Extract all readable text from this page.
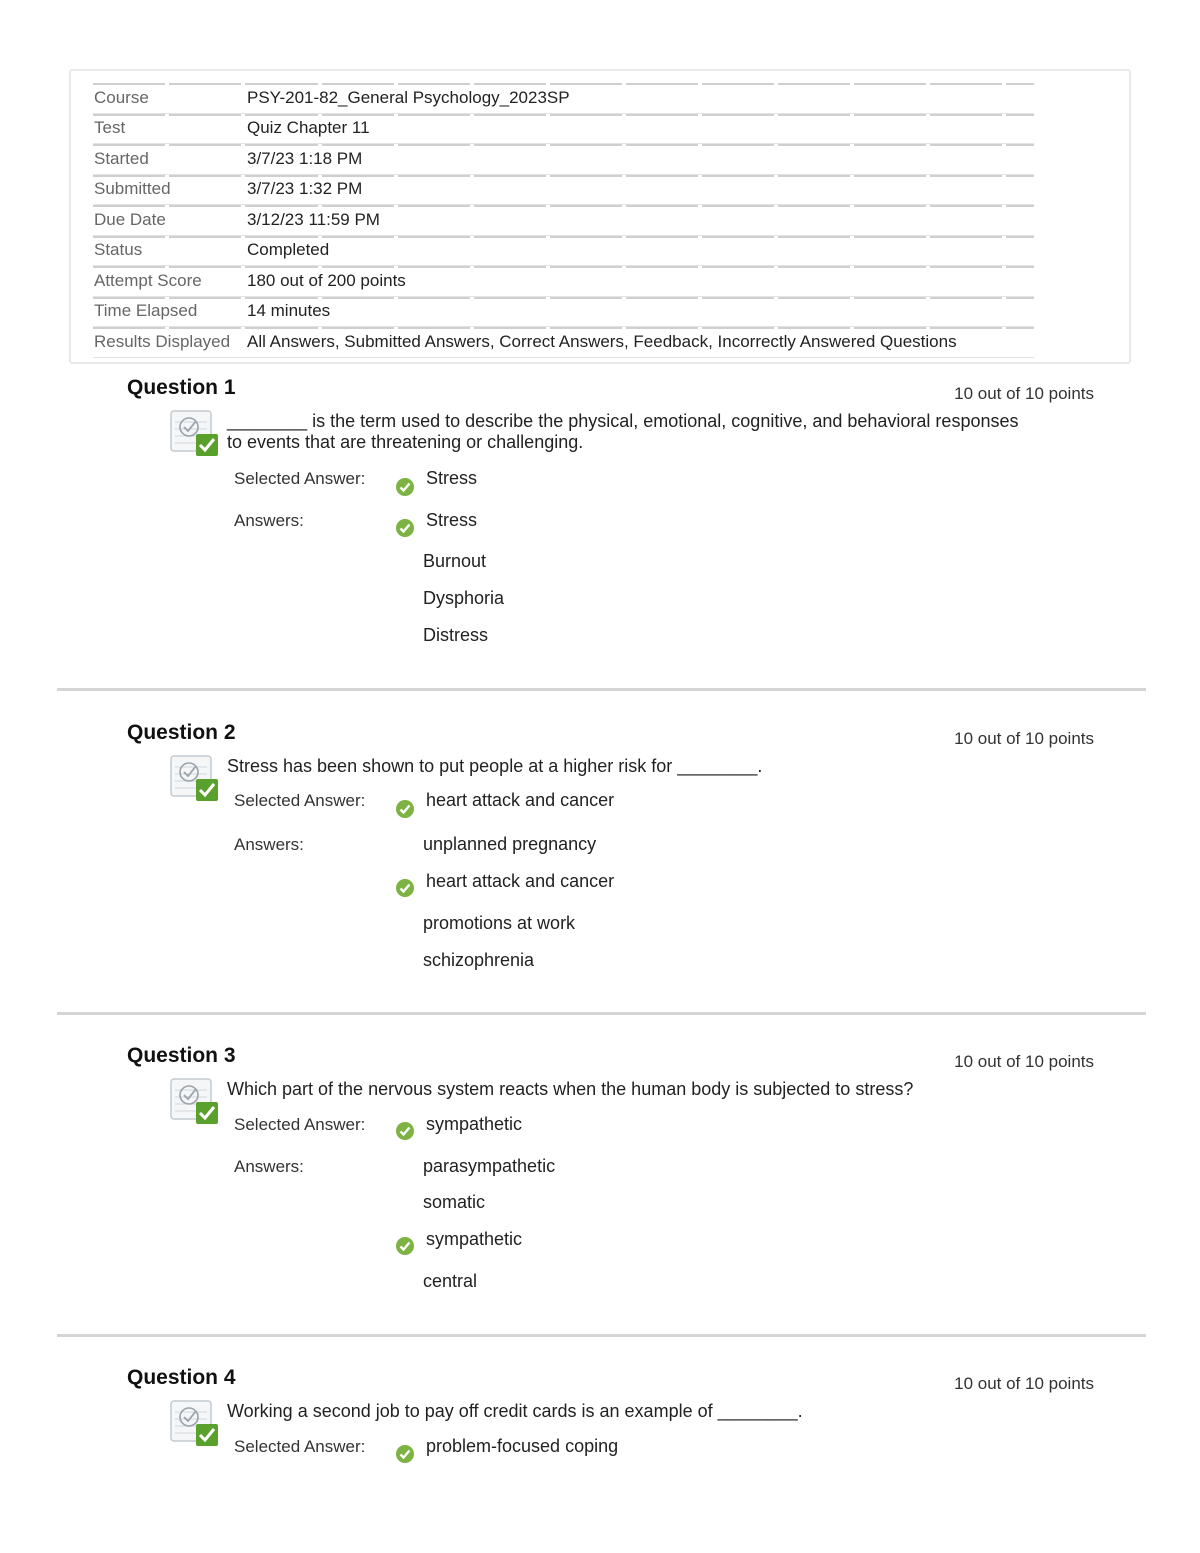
Course	PSY-201-82_General Psychology_2023SP
Test	Quiz Chapter 11
Started	3/7/23 1:18 PM
Submitted	3/7/23 1:32 PM
Due Date	3/12/23 11:59 PM
Status	Completed
Attempt Score	180 out of 200 points
Time Elapsed	14 minutes
Results Displayed	All Answers, Submitted Answers, Correct Answers, Feedback, Incorrectly Answered Questions
Question 1	10 out of 10 points
________ is the term used to describe the physical, emotional, cognitive, and behavioral responses
to events that are threatening or challenging.
Selected Answer:	Stress
Answers:	Stress
Burnout
Dysphoria
Distress
Question 2	10 out of 10 points
Stress has been shown to put people at a higher risk for ________.
Selected Answer:	heart attack and cancer
Answers:	unplanned pregnancy
heart attack and cancer
promotions at work
schizophrenia
Question 3	10 out of 10 points
Which part of the nervous system reacts when the human body is subjected to stress?
Selected Answer:	sympathetic
Answers:	parasympathetic
somatic
sympathetic
central
Question 4	10 out of 10 points
Working a second job to pay off credit cards is an example of ________.
Selected Answer:	problem-focused coping
